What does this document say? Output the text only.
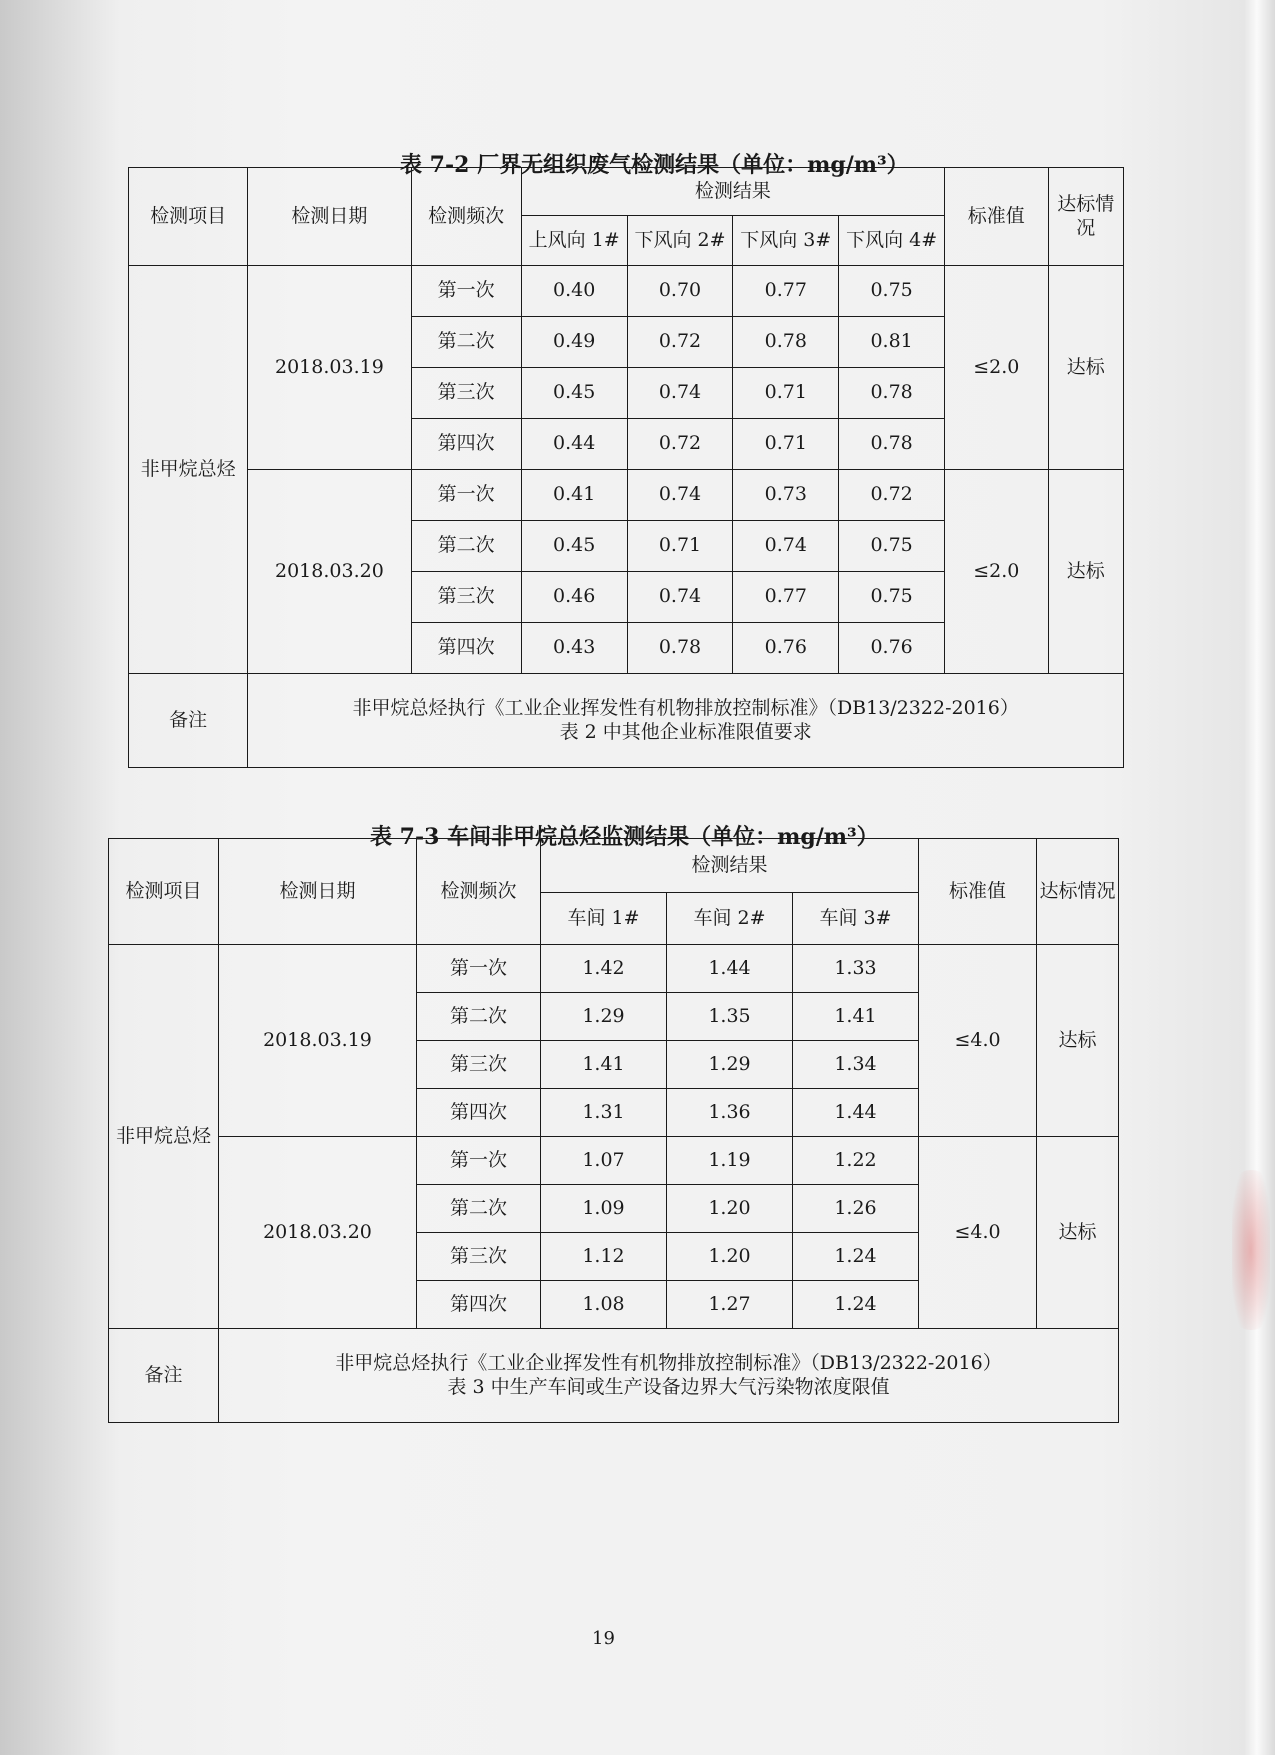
表 7-2 厂界无组织废气检测结果（单位：mg/m³）
检测项目	检测日期	检测频次	检测结果				标准值	达标情况
			上风向 1#	下风向 2#	下风向 3#	下风向 4#		
非甲烷总烃	2018.03.19	第一次	0.40	0.70	0.77	0.75	≤2.0	达标
		第二次	0.49	0.72	0.78	0.81		
		第三次	0.45	0.74	0.71	0.78		
		第四次	0.44	0.72	0.71	0.78		
	2018.03.20	第一次	0.41	0.74	0.73	0.72	≤2.0	达标
		第二次	0.45	0.71	0.74	0.75		
		第三次	0.46	0.74	0.77	0.75		
		第四次	0.43	0.78	0.76	0.76		
备注	非甲烷总烃执行《工业企业挥发性有机物排放控制标准》（DB13/2322-2016）
表 2 中其他企业标准限值要求							
表 7-3 车间非甲烷总烃监测结果（单位：mg/m³）
检测项目	检测日期	检测频次	检测结果			标准值	达标情况
			车间 1#	车间 2#	车间 3#		
非甲烷总烃	2018.03.19	第一次	1.42	1.44	1.33	≤4.0	达标
		第二次	1.29	1.35	1.41		
		第三次	1.41	1.29	1.34		
		第四次	1.31	1.36	1.44		
	2018.03.20	第一次	1.07	1.19	1.22	≤4.0	达标
		第二次	1.09	1.20	1.26		
		第三次	1.12	1.20	1.24		
		第四次	1.08	1.27	1.24		
备注	非甲烷总烃执行《工业企业挥发性有机物排放控制标准》（DB13/2322-2016）
表 3 中生产车间或生产设备边界大气污染物浓度限值						
19
